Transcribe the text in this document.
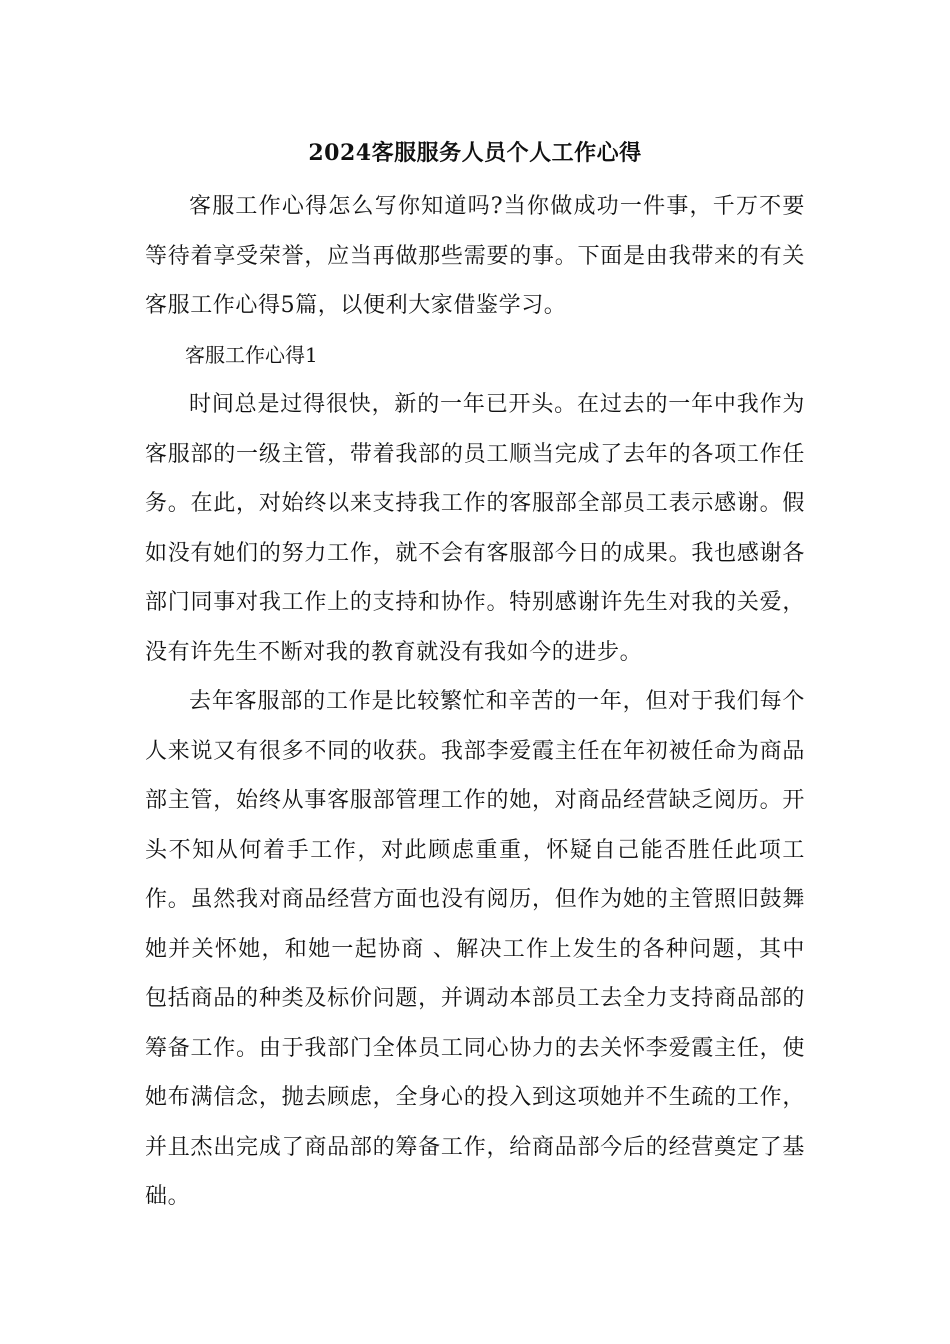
2024客服服务人员个人工作心得

客服工作心得怎么写你知道吗?当你做成功一件事，千万不要等待着享受荣誉，应当再做那些需要的事。下面是由我带来的有关客服工作心得5篇，以便利大家借鉴学习。

客服工作心得1

时间总是过得很快，新的一年已开头。在过去的一年中我作为客服部的一级主管，带着我部的员工顺当完成了去年的各项工作任务。在此，对始终以来支持我工作的客服部全部员工表示感谢。假如没有她们的努力工作，就不会有客服部今日的成果。我也感谢各部门同事对我工作上的支持和协作。特别感谢许先生对我的关爱，没有许先生不断对我的教育就没有我如今的进步。

去年客服部的工作是比较繁忙和辛苦的一年，但对于我们每个人来说又有很多不同的收获。我部李爱霞主任在年初被任命为商品部主管，始终从事客服部管理工作的她，对商品经营缺乏阅历。开头不知从何着手工作，对此顾虑重重，怀疑自己能否胜任此项工作。虽然我对商品经营方面也没有阅历，但作为她的主管照旧鼓舞她并关怀她，和她一起协商 、解决工作上发生的各种问题，其中包括商品的种类及标价问题，并调动本部员工去全力支持商品部的筹备工作。由于我部门全体员工同心协力的去关怀李爱霞主任，使她布满信念，抛去顾虑，全身心的投入到这项她并不生疏的工作，并且杰出完成了商品部的筹备工作，给商品部今后的经营奠定了基础。
